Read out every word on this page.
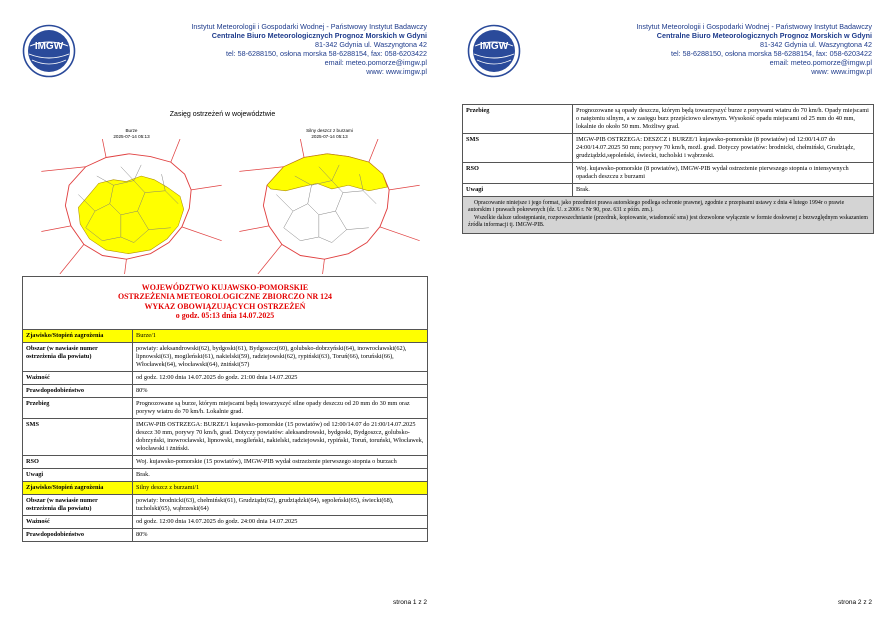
IMGW
Instytut Meteorologii i Gospodarki Wodnej - Państwowy Instytut Badawczy
Centralne Biuro Meteorologicznych Prognoz Morskich w Gdyni
81-342 Gdynia ul. Waszyngtona 42
tel: 58-6288150, osłona morska 58-6288154, fax: 058-6203422
email: meteo.pomorze@imgw.pl
www: www.imgw.pl
Zasięg ostrzeżeń w województwie
Burze
2025-07-14 05:13
Silny deszcz z burzami
2025-07-14 05:13
WOJEWÓDZTWO KUJAWSKO-POMORSKIE
OSTRZEŻENIA METEOROLOGICZNE ZBIORCZO NR 124
WYKAZ OBOWIĄZUJĄCYCH OSTRZEŻEŃ
o godz. 05:13 dnia 14.07.2025	

Zjawisko/Stopień zagrożenia	Burze/1
Obszar (w nawiasie numer ostrzeżenia dla powiatu)	powiaty: aleksandrowski(62), bydgoski(61), Bydgoszcz(60), golubsko-dobrzyński(64), inowrocławski(62), lipnowski(63), mogileński(61), nakielski(59), radziejowski(62), rypiński(63), Toruń(66), toruński(66), Włocławek(64), włocławski(64), żniński(57)
Ważność	od godz. 12:00 dnia 14.07.2025 do godz. 21:00 dnia 14.07.2025
Prawdopodobieństwo	80%
Przebieg	Prognozowane są burze, którym miejscami będą towarzyszyć silne opady deszczu od 20 mm do 30 mm oraz porywy wiatru do 70 km/h. Lokalnie grad.
SMS	IMGW-PIB OSTRZEGA: BURZE/1 kujawsko-pomorskie (15 powiatów) od 12:00/14.07 do 21:00/14.07.2025 deszcz 30 mm, porywy 70 km/h, grad. Dotyczy powiatów: aleksandrowski, bydgoski, Bydgoszcz, golubsko-dobrzyński, inowrocławski, lipnowski, mogileński, nakielski, radziejowski, rypiński, Toruń, toruński, Włocławek, włocławski i żniński.
RSO	Woj. kujawsko-pomorskie (15 powiatów), IMGW-PIB wydał ostrzeżenie pierwszego stopnia o burzach
Uwagi	Brak.
Zjawisko/Stopień zagrożenia	Silny deszcz z burzami/1
Obszar (w nawiasie numer ostrzeżenia dla powiatu)	powiaty: brodnicki(63), chełmiński(61), Grudziądz(62), grudziądzki(64), sępoleński(65), świecki(68), tucholski(65), wąbrzeski(64)
Ważność	od godz. 12:00 dnia 14.07.2025 do godz. 24:00 dnia 14.07.2025
Prawdopodobieństwo	80%
strona 1 z 2
IMGW
Instytut Meteorologii i Gospodarki Wodnej - Państwowy Instytut Badawczy
Centralne Biuro Meteorologicznych Prognoz Morskich w Gdyni
81-342 Gdynia ul. Waszyngtona 42
tel: 58-6288150, osłona morska 58-6288154, fax: 058-6203422
email: meteo.pomorze@imgw.pl
www: www.imgw.pl
strona 2 z 2
Przebieg	Prognozowane są opady deszczu, którym będą towarzyszyć burze z porywami wiatru do 70 km/h. Opady miejscami o natężeniu silnym, a w zasięgu burz przejściowo ulewnym. Wysokość opadu miejscami od 25 mm do 40 mm, lokalnie do około 50 mm. Możliwy grad.
SMS	IMGW-PIB OSTRZEGA: DESZCZ i BURZE/1 kujawsko-pomorskie (8 powiatów) od 12:00/14.07 do 24:00/14.07.2025 50 mm; porywy 70 km/h, możl. grad. Dotyczy powiatów: brodnicki, chełmiński, Grudziądz, grudziądzki,sępoleński, świecki, tucholski i wąbrzeski.
RSO	Woj. kujawsko-pomorskie (8 powiatów), IMGW-PIB wydał ostrzeżenie pierwszego stopnia o intensywnych opadach deszczu z burzami
Uwagi	Brak.

Opracowanie niniejsze i jego format, jako przedmiot prawa autorskiego podlega ochronie prawnej, zgodnie z przepisami ustawy z dnia 4 lutego 1994r o prawie autorskim i prawach pokrewnych (dz. U. z 2006 r. Nr 90, poz. 631 z późn. zm.).
Wszelkie dalsze udostępnianie, rozpowszechnianie (przedruk, kopiowanie, wiadomość sms) jest dozwolone wyłącznie w formie dosłownej z bezwzględnym wskazaniem źródła informacji tj. IMGW-PIB.	
